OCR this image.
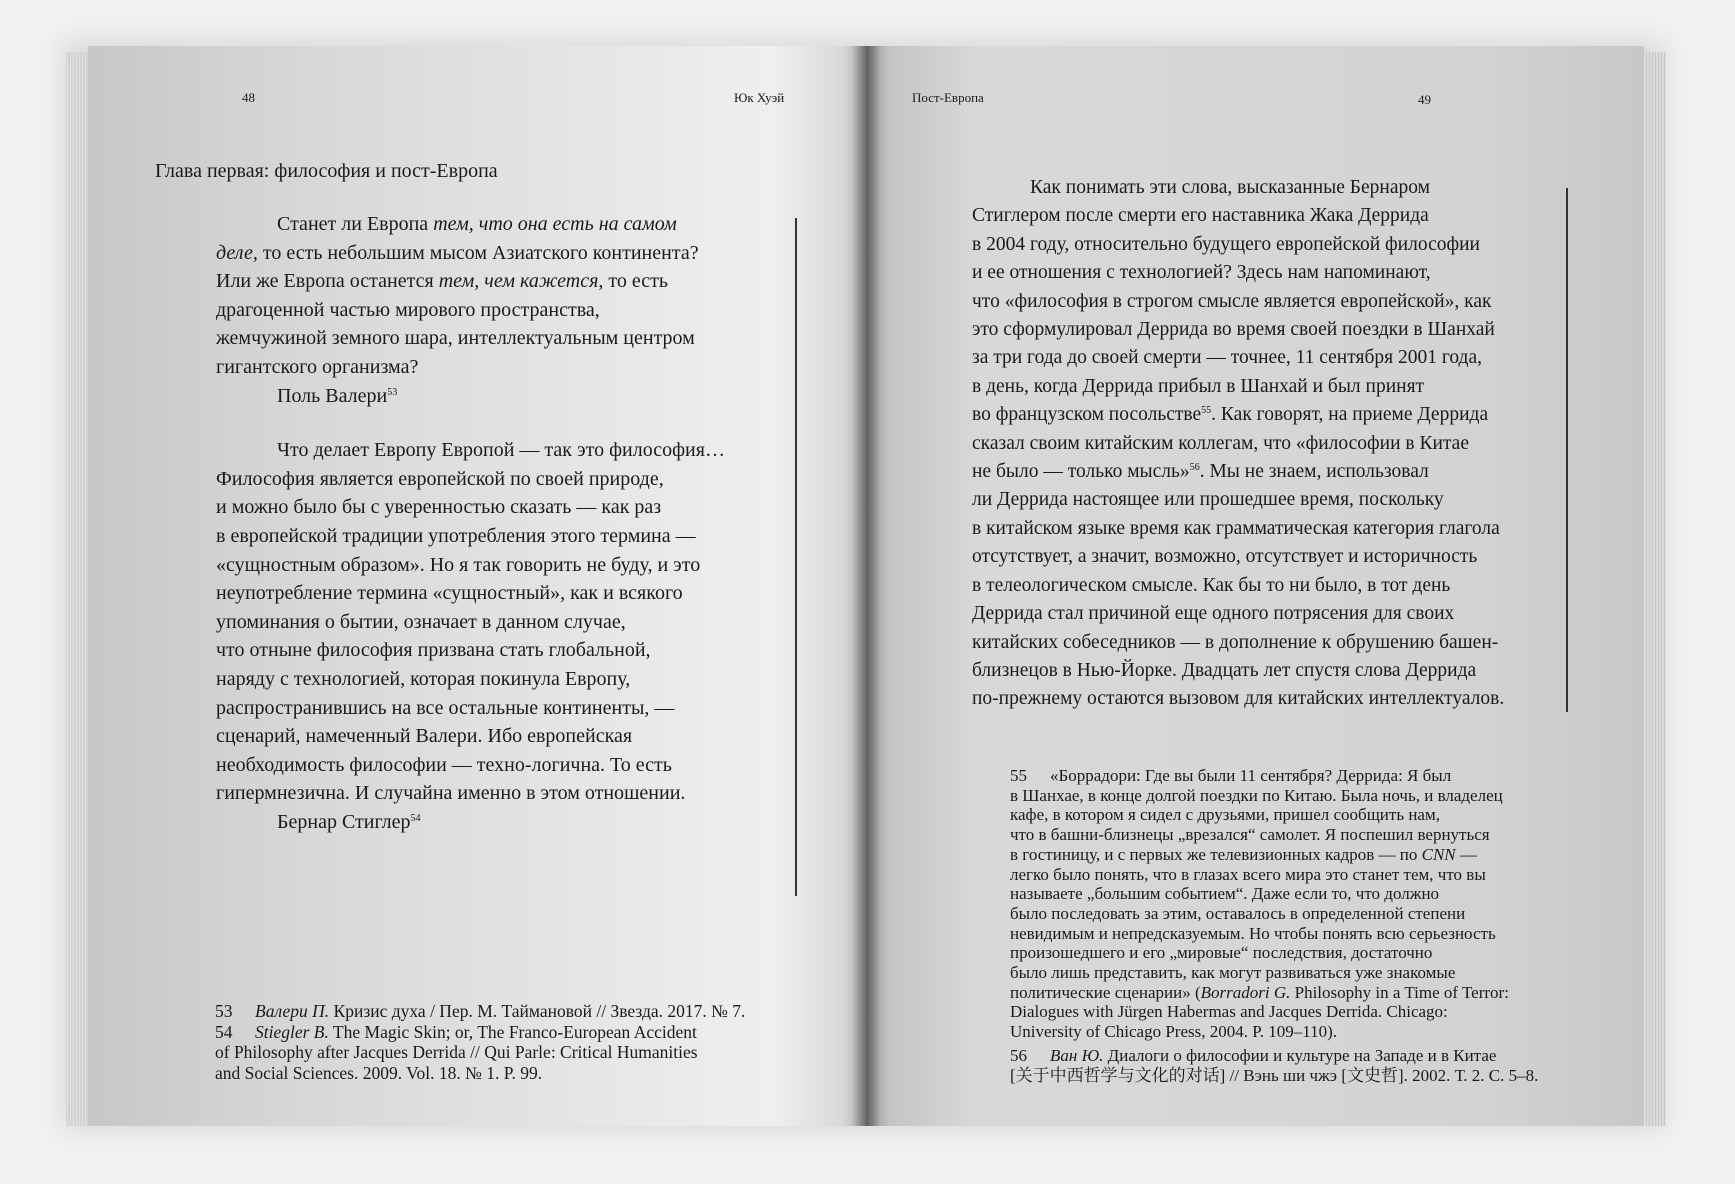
48	Юк Хуэй
Глава первая: философия и пост-Европа

Станет ли Европа тем, что она есть на самом

деле, то есть небольшим мысом Азиатского континента?

Или же Европа останется тем, чем кажется, то есть

драгоценной частью мирового пространства,

жемчужиной земного шара, интеллектуальным центром

гигантского организма?

Поль Валери$^{53}$

Что делает Европу Европой — так это философия…

Философия является европейской по своей природе,

и можно было бы с уверенностью сказать — как раз

в европейской традиции употребления этого термина —

«сущностным образом». Но я так говорить не буду, и это

неупотребление термина «сущностный», как и всякого

упоминания о бытии, означает в данном случае,

что отныне философия призвана стать глобальной,

наряду с технологией, которая покинула Европу,

распространившись на все остальные континенты, —

сценарий, намеченный Валери. Ибо европейская

необходимость философии — техно-логична. То есть

гипермнезична. И случайна именно в этом отношении.

Бернар Стиглер$^{54}$

53 Валери П. Кризис духа / Пер. М. Таймановой // Звезда. 2017. № 7.

54 Stiegler B. The Magic Skin; or, The Franco-European Accident

of Philosophy after Jacques Derrida // Qui Parle: Critical Humanities

and Social Sciences. 2009. Vol. 18. № 1. P. 99.

Пост-Европа	49

Как понимать эти слова, высказанные Бернаром

Стиглером после смерти его наставника Жака Деррида

в 2004 году, относительно будущего европейской философии

и ее отношения с технологией? Здесь нам напоминают,

что «философия в строгом смысле является европейской», как

это сформулировал Деррида во время своей поездки в Шанхай

за три года до своей смерти — точнее, 11 сентября 2001 года,

в день, когда Деррида прибыл в Шанхай и был принят

во французском посольстве$^{55}$. Как говорят, на приеме Деррида

сказал своим китайским коллегам, что «философии в Китае

не было — только мысль»$^{56}$. Мы не знаем, использовал

ли Деррида настоящее или прошедшее время, поскольку

в китайском языке время как грамматическая категория глагола

отсутствует, а значит, возможно, отсутствует и историчность

в телеологическом смысле. Как бы то ни было, в тот день

Деррида стал причиной еще одного потрясения для своих

китайских собеседников — в дополнение к обрушению башен-

близнецов в Нью-Йорке. Двадцать лет спустя слова Деррида

по-прежнему остаются вызовом для китайских интеллектуалов.

55 «Боррадори: Где вы были 11 сентября? Деррида: Я был

в Шанхае, в конце долгой поездки по Китаю. Была ночь, и владелец

кафе, в котором я сидел с друзьями, пришел сообщить нам,

что в башни-близнецы „врезался“ самолет. Я поспешил вернуться

в гостиницу, и с первых же телевизионных кадров — по CNN —

легко было понять, что в глазах всего мира это станет тем, что вы

называете „большим событием“. Даже если то, что должно

было последовать за этим, оставалось в определенной степени

невидимым и непредсказуемым. Но чтобы понять всю серьезность

произошедшего и его „мировые“ последствия, достаточно

было лишь представить, как могут развиваться уже знакомые

политические сценарии» (Borradori G. Philosophy in a Time of Terror:

Dialogues with Jürgen Habermas and Jacques Derrida. Chicago:

University of Chicago Press, 2004. P. 109–110).

56 Ван Ю. Диалоги о философии и культуре на Западе и в Китае

[关于中西哲学与文化的对话] // Вэнь ши чжэ [文史哲]. 2002. Т. 2. С. 5–8.
